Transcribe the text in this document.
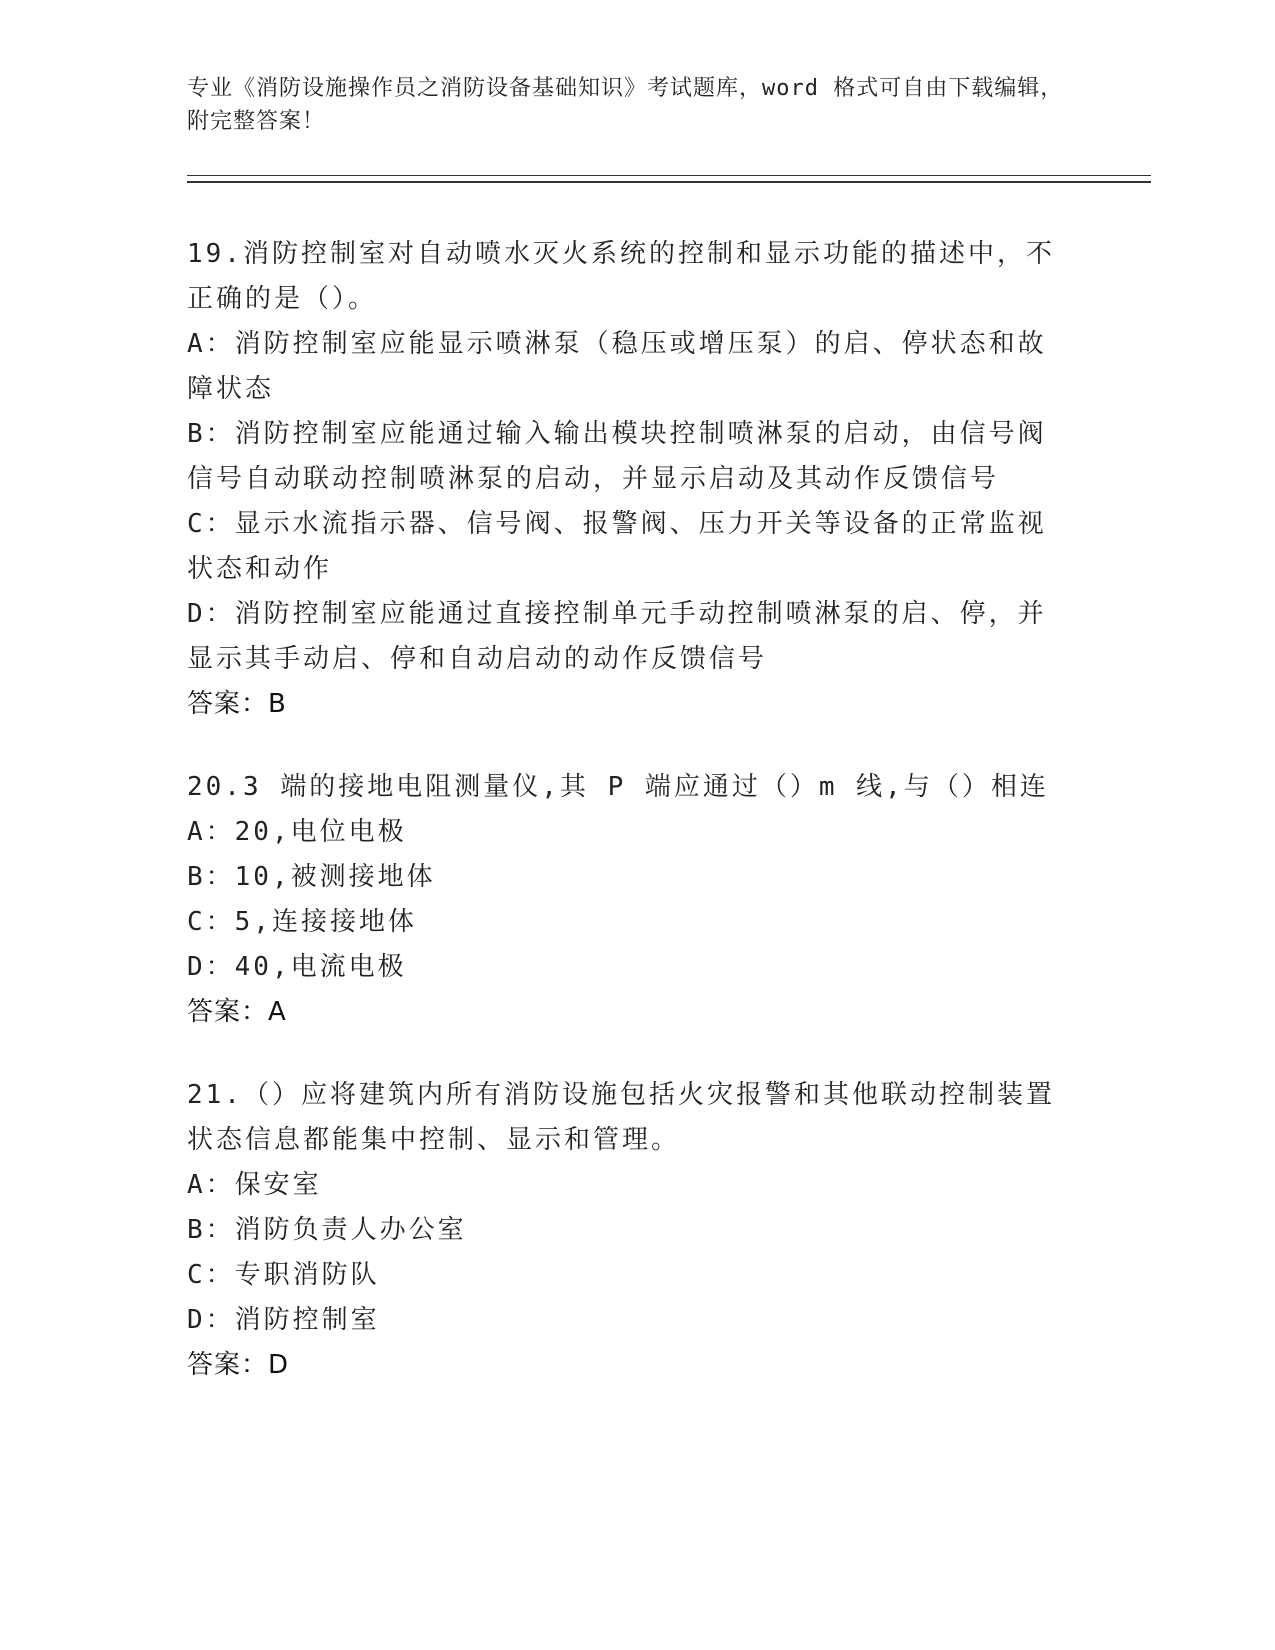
专业《消防设施操作员之消防设备基础知识》考试题库，word 格式可自由下载编辑，附完整答案！
19.消防控制室对自动喷水灭火系统的控制和显示功能的描述中，不正确的是（）。
A：消防控制室应能显示喷淋泵（稳压或增压泵）的启、停状态和故障状态
B：消防控制室应能通过输入输出模块控制喷淋泵的启动，由信号阀信号自动联动控制喷淋泵的启动，并显示启动及其动作反馈信号
C：显示水流指示器、信号阀、报警阀、压力开关等设备的正常监视状态和动作
D：消防控制室应能通过直接控制单元手动控制喷淋泵的启、停，并显示其手动启、停和自动启动的动作反馈信号
答案：B
20.3 端的接地电阻测量仪,其 P 端应通过（）m 线,与（）相连
A：20,电位电极
B：10,被测接地体
C：5,连接接地体
D：40,电流电极
答案：A
21.（）应将建筑内所有消防设施包括火灾报警和其他联动控制装置状态信息都能集中控制、显示和管理。
A：保安室
B：消防负责人办公室
C：专职消防队
D：消防控制室
答案：D
